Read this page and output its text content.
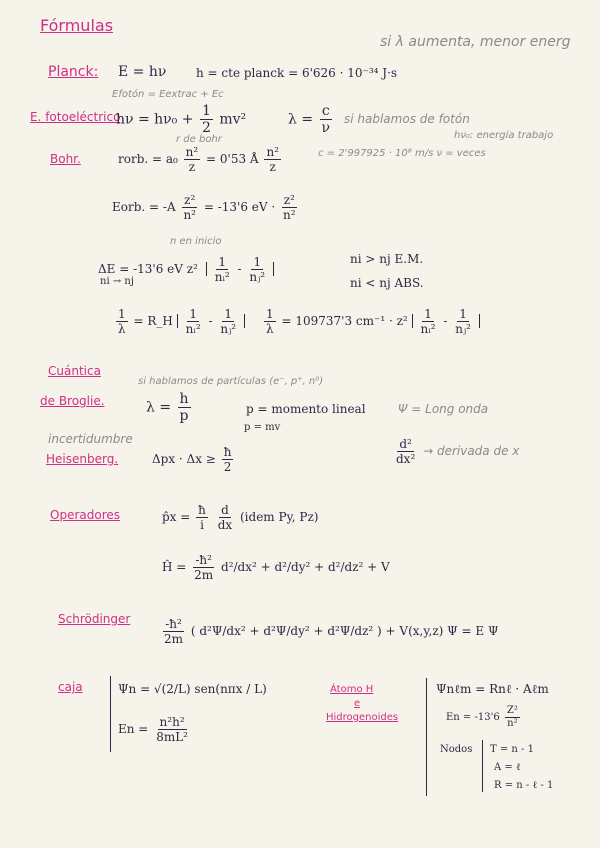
Fórmulas
si λ aumenta, menor energ
Planck: E = hν h = cte planck = 6'626 · 10⁻³⁴ J·s
Efotón = Eextrac + Ec
E. fotoeléctrico
$h\nu = h\nu_0 + \frac{1}{2} mv^2$	$\lambda = \frac{c}{\nu}$ si hablamos de fotón
hν₀: energía trabajo
c = 2'997925 · 10⁸ m/s ν = veces
r de bohr
Bohr.	rorb. = $a_0 \frac{\text{n²}}{z} = 0'53$ Å $\frac{\text{n²}}{z}$
Eorb. = $-A \frac{\text{z²}}{\text{n²}} = -13'6$ eV · $\frac{\text{z²}}{\text{n²}}$
n en inicio
ΔE = -13'6 eV $z^2 \frac{1}{\text{nᵢ²}} - \frac{1}{\text{nⱼ²}}$
ni → nj
ni > nj E.M.
ni < nj ABS.
$\frac{1}{\lambda}$ = R_H $\frac{1}{\text{nᵢ²}} - \frac{1}{\text{nⱼ²}} \frac{1}{\lambda} = 109737'3$ $cm^{-1} \cdot z^2 \frac{1}{\text{nᵢ²}} - \frac{1}{\text{nⱼ²}}$
Cuántica
si hablamos de partículas (e⁻, p⁺, n⁰)
de Broglie.	$\lambda = \frac{h}{p}$	p = momento lineal	Ψ = Long onda
p = mv
incertidumbre
Heisenberg.	$\Delta px \cdot \Delta x \ge \frac{ħ}{2}$	$\frac{\text{d²}}{\text{dx²}}$ → derivada de x
Operadores	p̂x = $\frac{ħ}{i}$
$\frac{d}{dx}$ (idem Py, Pz)
Ĥ = $\frac{\text{-ħ²}}{2m} d^2/dx^2 + d^2/dy^2 + d^2/dz^2 + V$
Schrödinger	$\frac{\text{-ħ²}}{2m}$ ( d²Ψ/dx² + d²Ψ/dy² + d²Ψ/dz² ) + V(x,y,z) Ψ = E Ψ
caja	Ψn = √(2/L) sen(nπx / L)
$En = \frac{\text{n²h²}}{\text{8mL²}}$
Átomo H
e
Hidrogenoides
Ψnℓm = Rnℓ · Aℓm
$En = -13'6 \frac{\text{Z²}}{\text{n²}}$
Nodos T = n - 1
A = ℓ
R = n - ℓ - 1
